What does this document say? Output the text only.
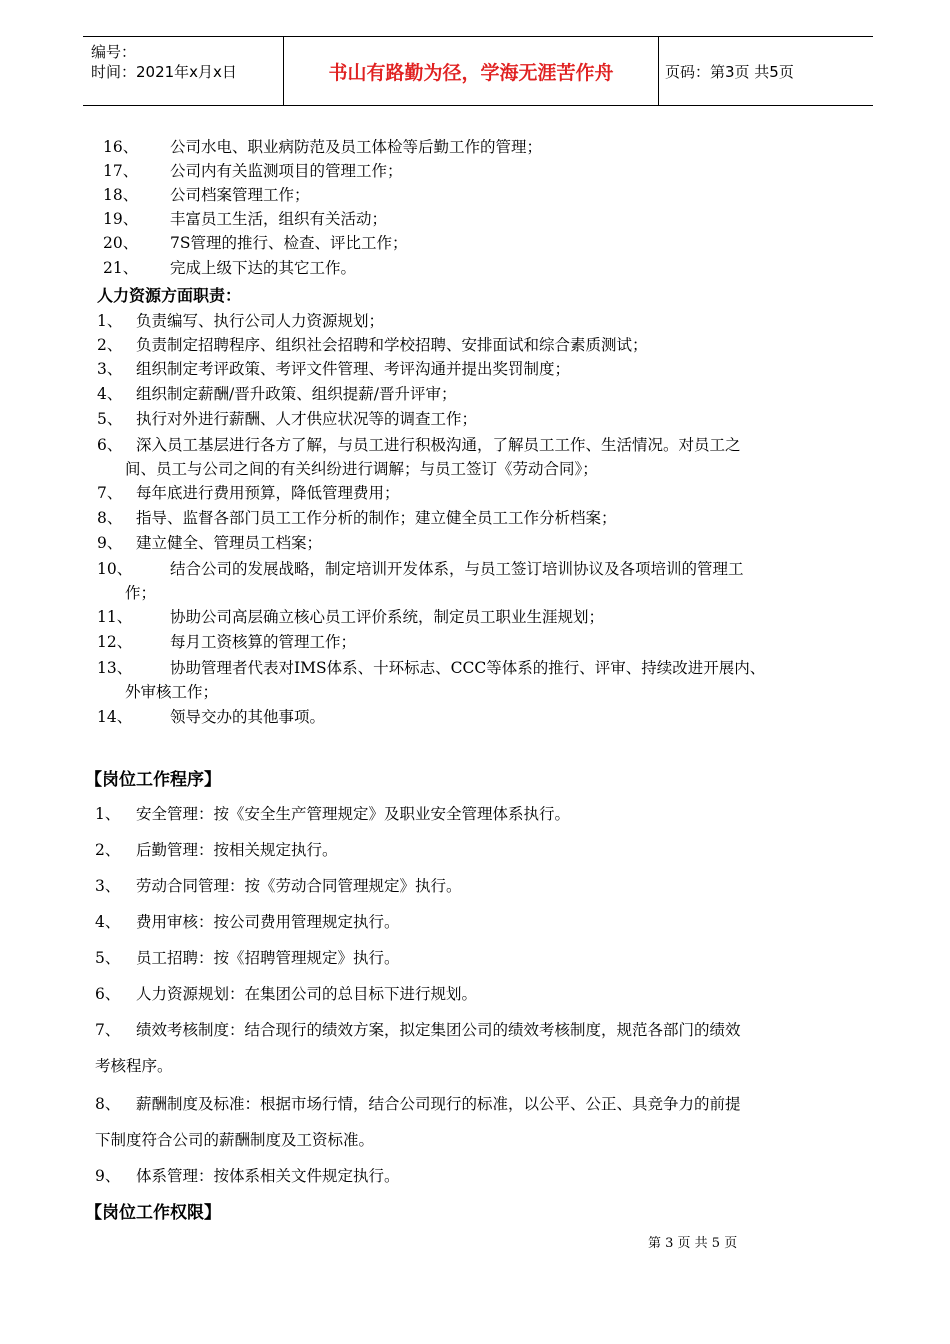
编号：
时间：2021年x月x日	书山有路勤为径，学海无涯苦作舟	页码：第3页 共5页
16、 公司水电、职业病防范及员工体检等后勤工作的管理；
17、 公司内有关监测项目的管理工作；
18、 公司档案管理工作；
19、 丰富员工生活，组织有关活动；
20、 7S管理的推行、检查、评比工作；
21、 完成上级下达的其它工作。
人力资源方面职责：
1、 负责编写、执行公司人力资源规划；
2、 负责制定招聘程序、组织社会招聘和学校招聘、安排面试和综合素质测试；
3、 组织制定考评政策、考评文件管理、考评沟通并提出奖罚制度；
4、 组织制定薪酬/晋升政策、组织提薪/晋升评审；
5、 执行对外进行薪酬、人才供应状况等的调查工作；
6、 深入员工基层进行各方了解，与员工进行积极沟通，了解员工工作、生活情况。对员工之
间、员工与公司之间的有关纠纷进行调解；与员工签订《劳动合同》；
7、 每年底进行费用预算，降低管理费用；
8、 指导、监督各部门员工工作分析的制作；建立健全员工工作分析档案；
9、 建立健全、管理员工档案；
10、 结合公司的发展战略，制定培训开发体系，与员工签订培训协议及各项培训的管理工
作；
11、 协助公司高层确立核心员工评价系统，制定员工职业生涯规划；
12、 每月工资核算的管理工作；
13、 协助管理者代表对IMS体系、十环标志、CCC等体系的推行、评审、持续改进开展内、
外审核工作；
14、 领导交办的其他事项。
【岗位工作程序】
1、 安全管理：按《安全生产管理规定》及职业安全管理体系执行。
2、 后勤管理：按相关规定执行。
3、 劳动合同管理：按《劳动合同管理规定》执行。
4、 费用审核：按公司费用管理规定执行。
5、 员工招聘：按《招聘管理规定》执行。
6、 人力资源规划：在集团公司的总目标下进行规划。
7、 绩效考核制度：结合现行的绩效方案，拟定集团公司的绩效考核制度，规范各部门的绩效
考核程序。
8、 薪酬制度及标准：根据市场行情，结合公司现行的标准，以公平、公正、具竞争力的前提
下制度符合公司的薪酬制度及工资标准。
9、 体系管理：按体系相关文件规定执行。
【岗位工作权限】
第 3 页 共 5 页
